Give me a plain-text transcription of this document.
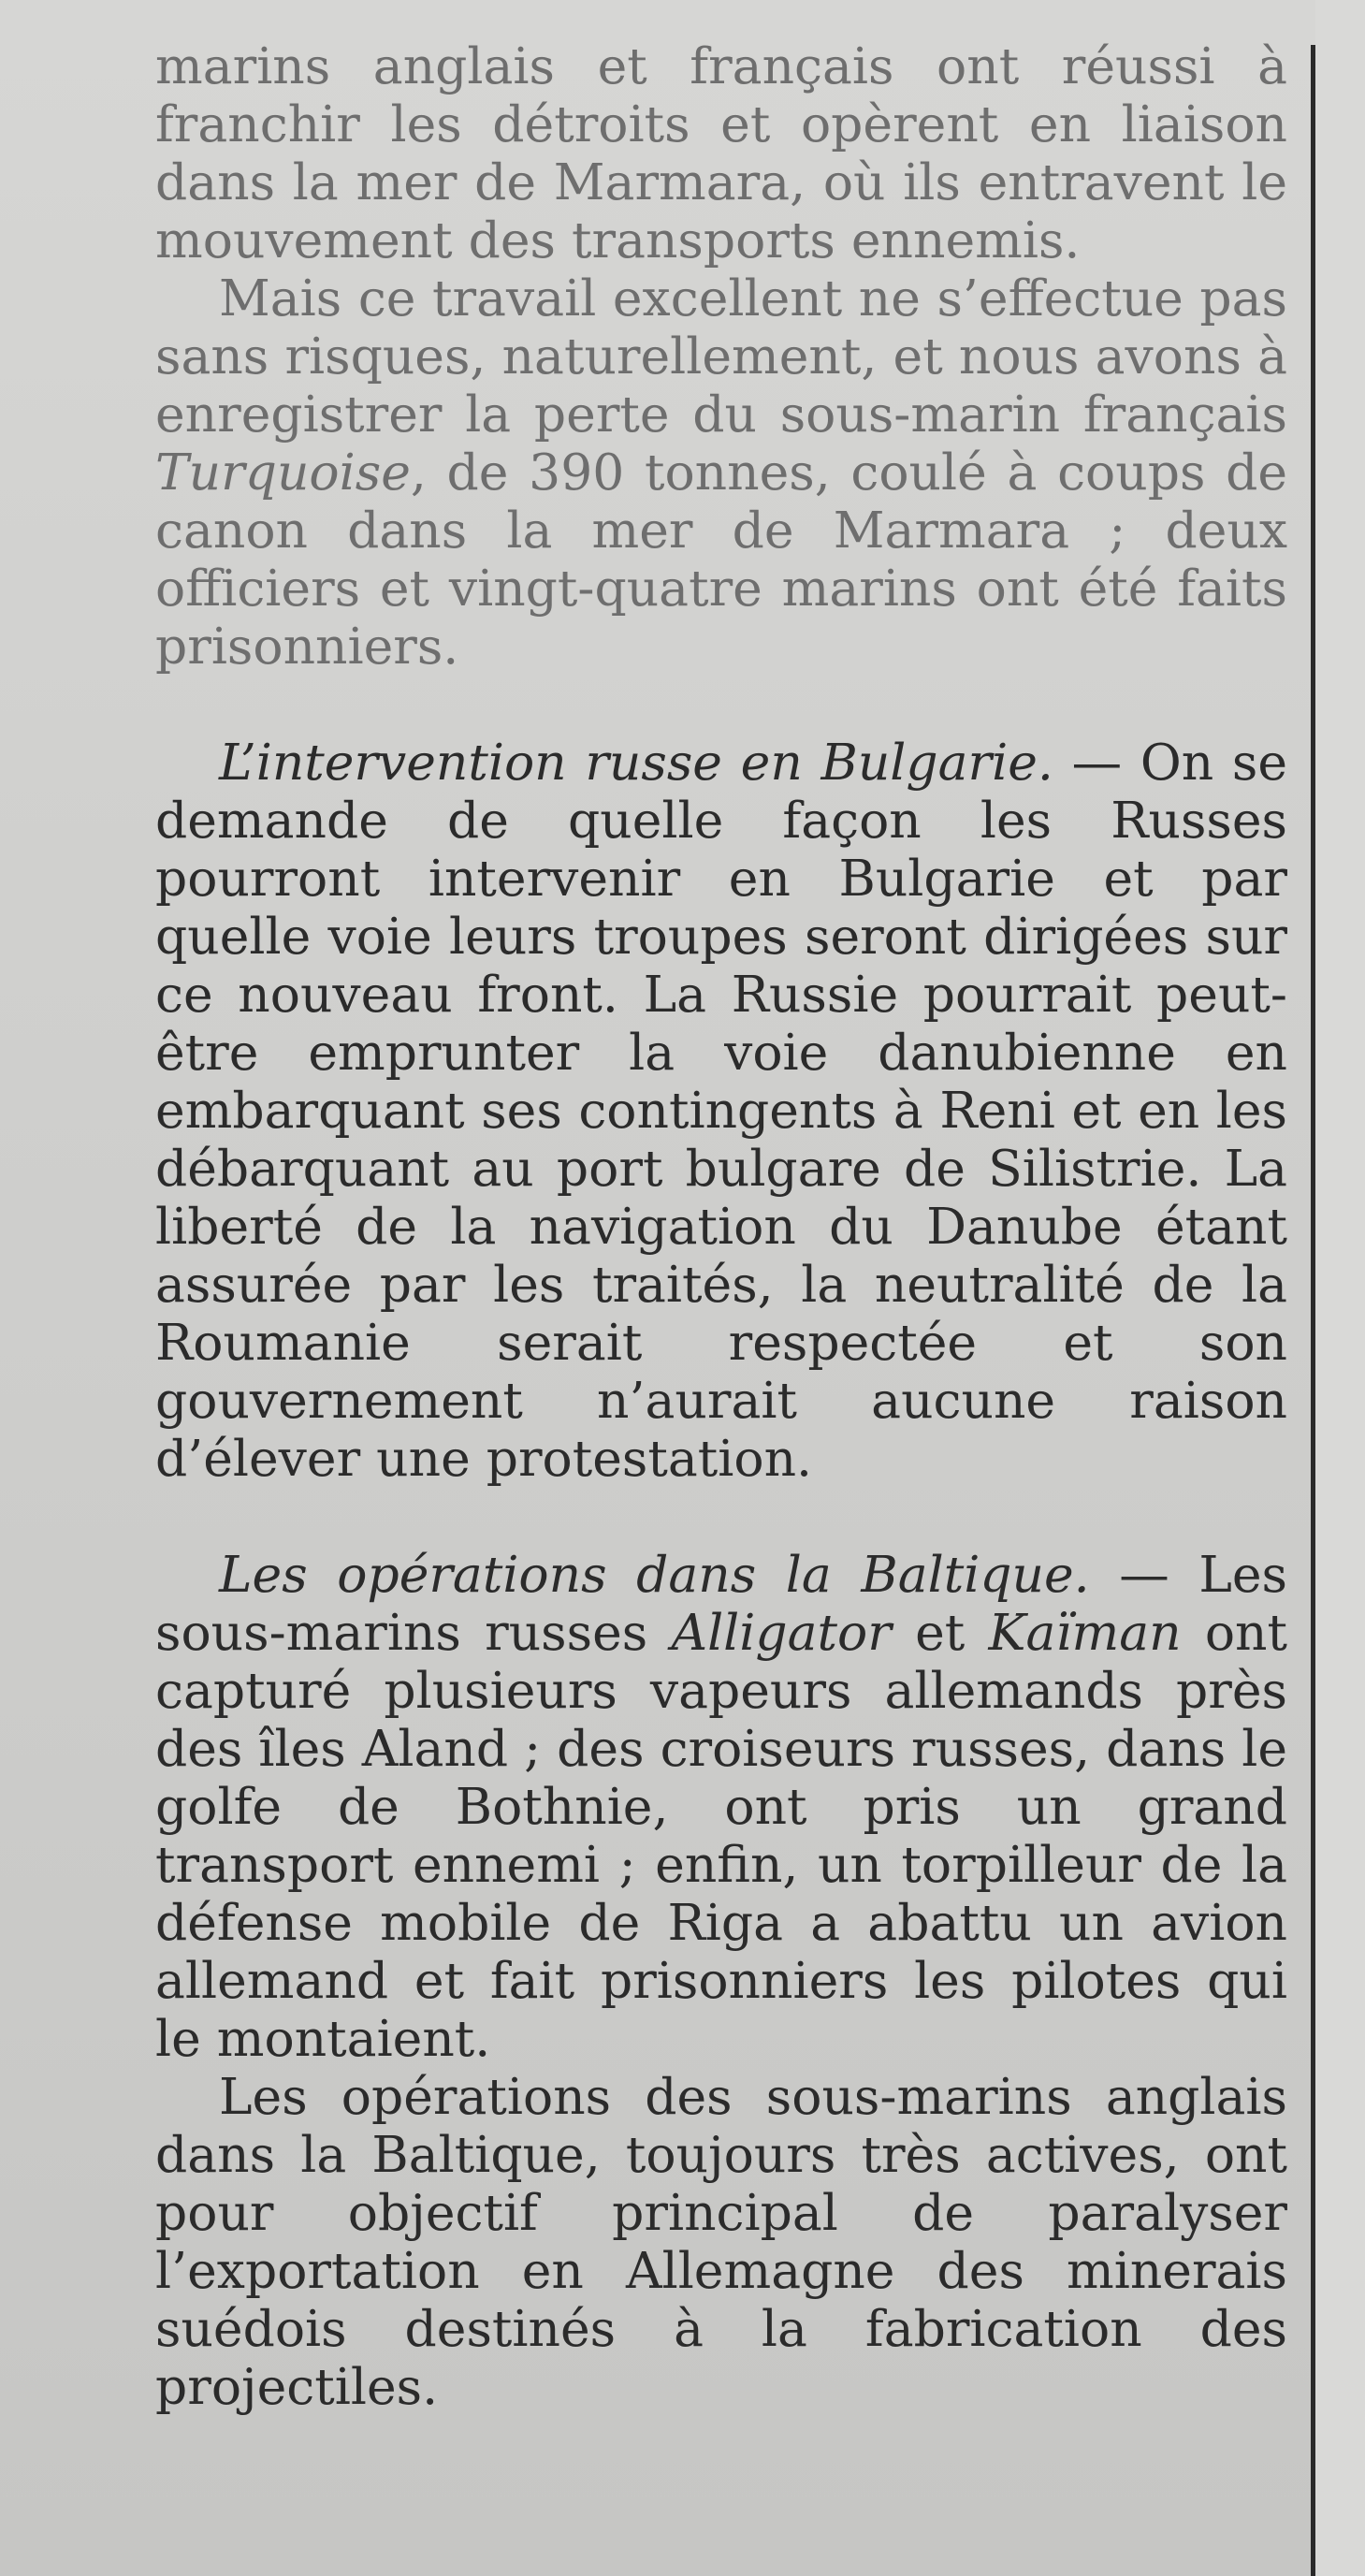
marins anglais et français ont réussi à franchir les détroits et opèrent en liaison dans la mer de Marmara, où ils entravent le mouvement des transports ennemis.

Mais ce travail excellent ne s’effectue pas sans risques, naturellement, et nous avons à enregistrer la perte du sous-marin français Turquoise, de 390 tonnes, coulé à coups de canon dans la mer de Marmara ; deux officiers et vingt-quatre marins ont été faits prisonniers.

L’intervention russe en Bulgarie. — On se demande de quelle façon les Russes pourront intervenir en Bulgarie et par quelle voie leurs troupes seront dirigées sur ce nouveau front. La Russie pourrait peut-être emprunter la voie danubienne en embarquant ses contingents à Reni et en les débarquant au port bulgare de Silistrie. La liberté de la navigation du Danube étant assurée par les traités, la neutralité de la Roumanie serait respectée et son gouvernement n’aurait aucune raison d’élever une protestation.

Les opérations dans la Baltique. — Les sous-marins russes Alligator et Kaïman ont capturé plusieurs vapeurs allemands près des îles Aland ; des croiseurs russes, dans le golfe de Bothnie, ont pris un grand transport ennemi ; enfin, un torpilleur de la défense mobile de Riga a abattu un avion allemand et fait prisonniers les pilotes qui le montaient.

Les opérations des sous-marins anglais dans la Baltique, toujours très actives, ont pour objectif principal de paralyser l’exportation en Allemagne des minerais suédois destinés à la fabrication des projectiles.
